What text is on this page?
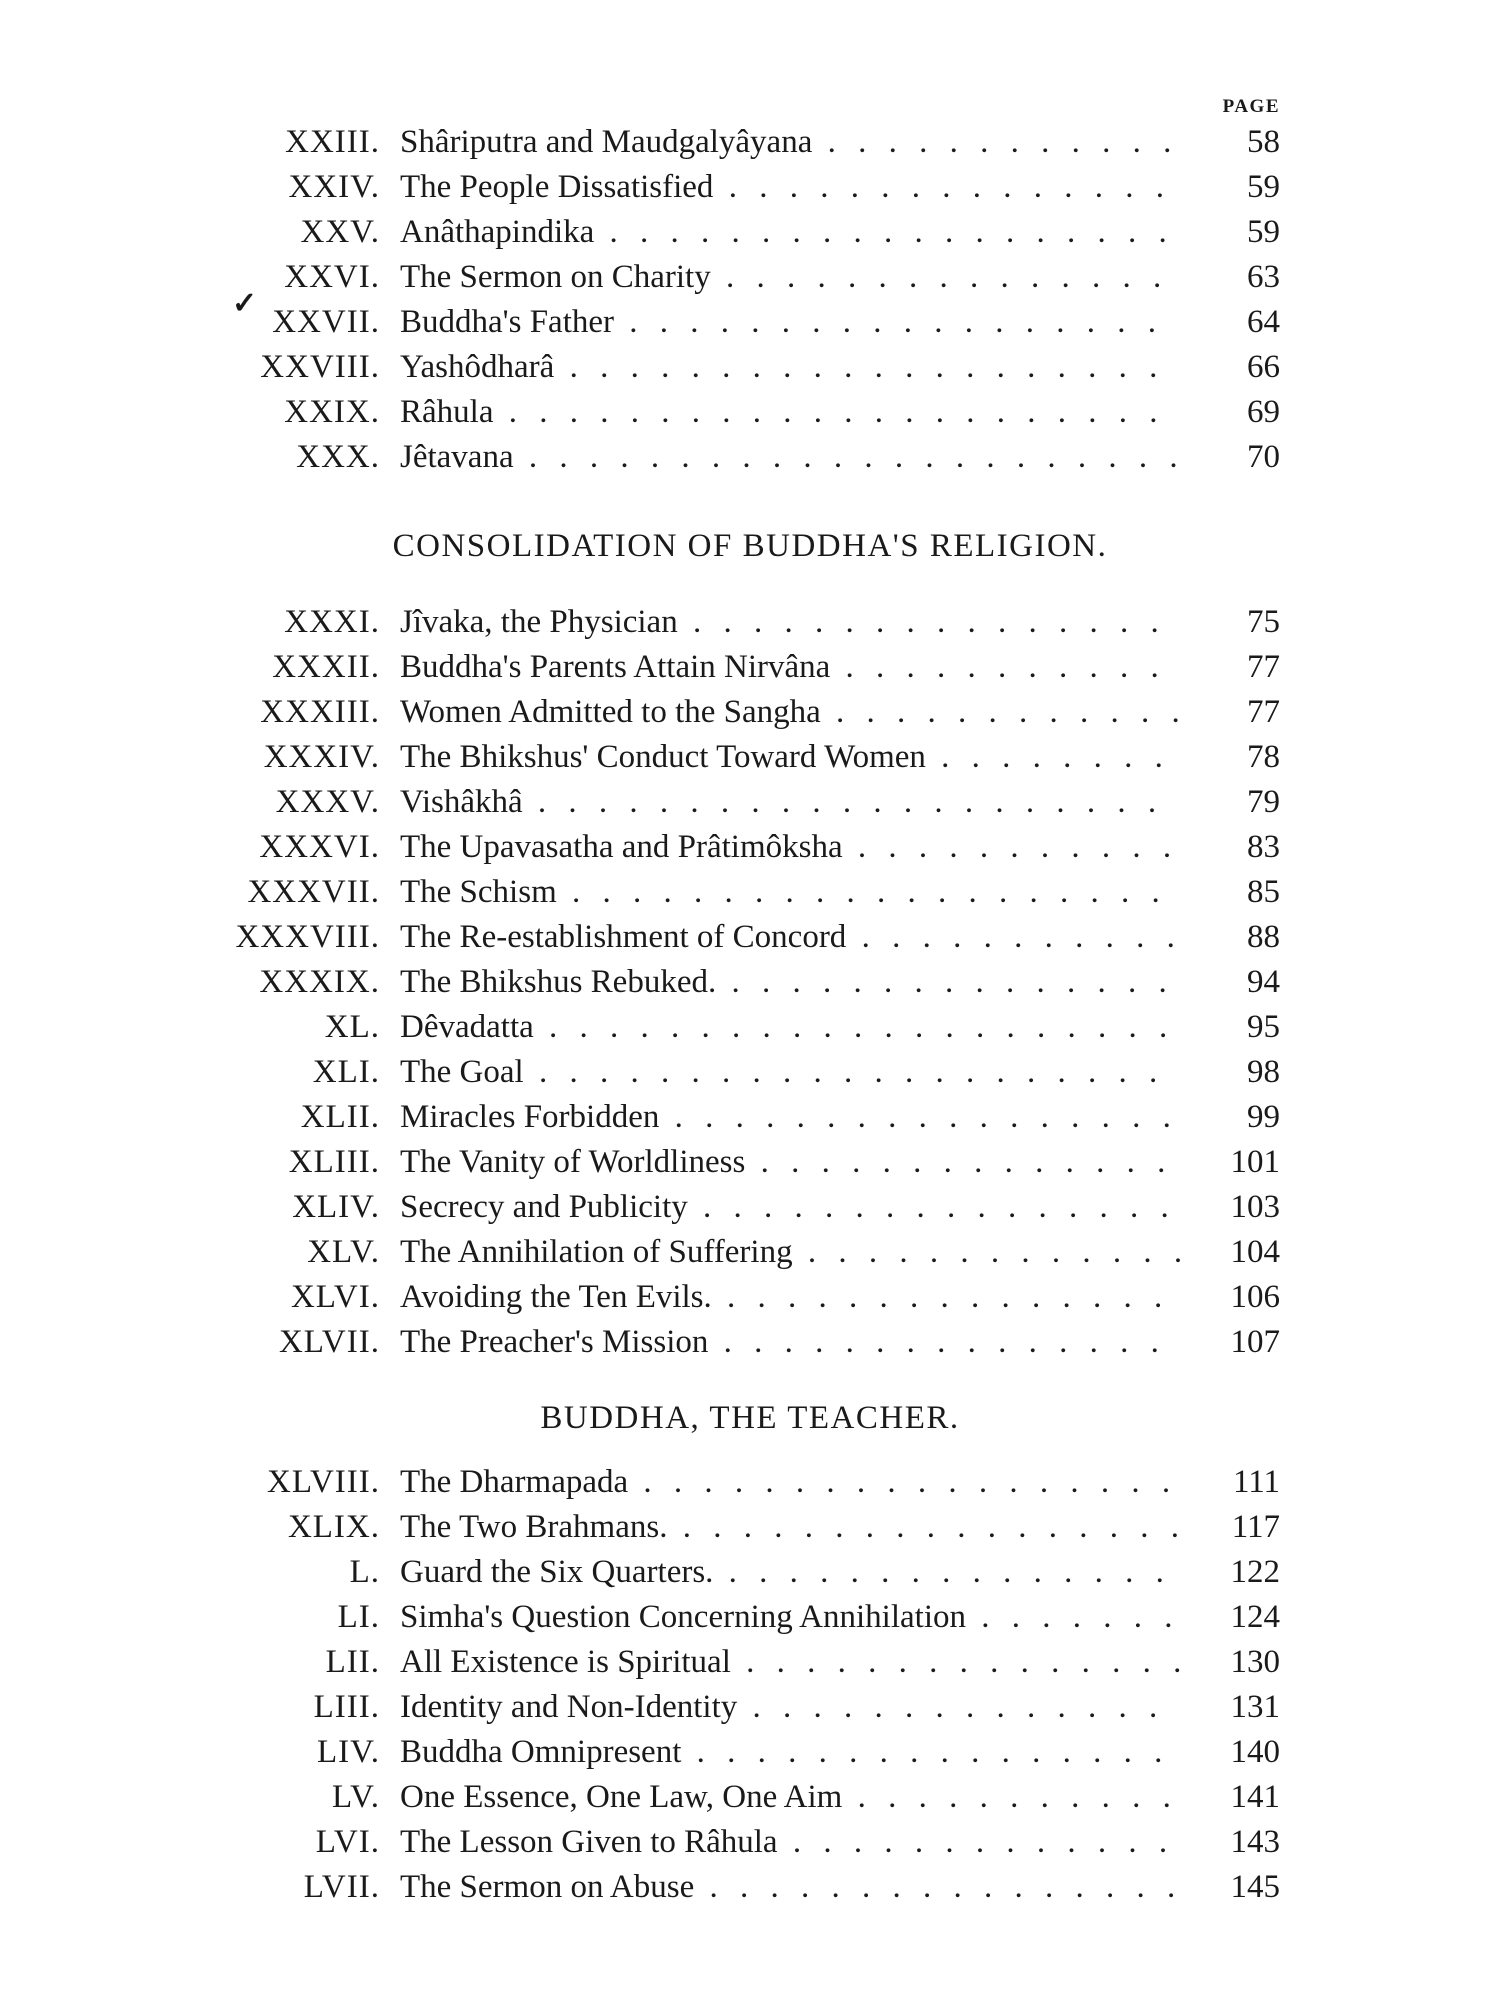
PAGE
✓
XXIII. Shâriputra and Maudgalyâyana . . .	58
XXIV. The People Dissatisfied . . .	59
XXV. Anâthapindika . . .	59
XXVI. The Sermon on Charity . . .	63
XXVII. Buddha's Father . . .	64
XXVIII. Yashôdharâ . . .	66
XXIX. Râhula . . .	69
XXX. Jêtavana . . .	70
CONSOLIDATION OF BUDDHA'S RELIGION.
XXXI. Jîvaka, the Physician . . .	75
XXXII. Buddha's Parents Attain Nirvâna . . .	77
XXXIII. Women Admitted to the Sangha . . .	77
XXXIV. The Bhikshus' Conduct Toward Women . . .	78
XXXV. Vishâkhâ . . .	79
XXXVI. The Upavasatha and Prâtimôksha . . .	83
XXXVII. The Schism . . .	85
XXXVIII. The Re-establishment of Concord . . .	88
XXXIX. The Bhikshus Rebuked. . . .	94
XL. Dêvadatta . . .	95
XLI. The Goal . . .	98
XLII. Miracles Forbidden . . .	99
XLIII. The Vanity of Worldliness . . .	101
XLIV. Secrecy and Publicity . . .	103
XLV. The Annihilation of Suffering . . .	104
XLVI. Avoiding the Ten Evils. . . .	106
XLVII. The Preacher's Mission . . .	107
BUDDHA, THE TEACHER.
XLVIII. The Dharmapada . . .	111
XLIX. The Two Brahmans. . . .	117
L. Guard the Six Quarters. . . .	122
LI. Simha's Question Concerning Annihilation . . .	124
LII. All Existence is Spiritual . . .	130
LIII. Identity and Non-Identity . . .	131
LIV. Buddha Omnipresent . . .	140
LV. One Essence, One Law, One Aim . . .	141
LVI. The Lesson Given to Râhula . . .	143
LVII. The Sermon on Abuse . . .	145
